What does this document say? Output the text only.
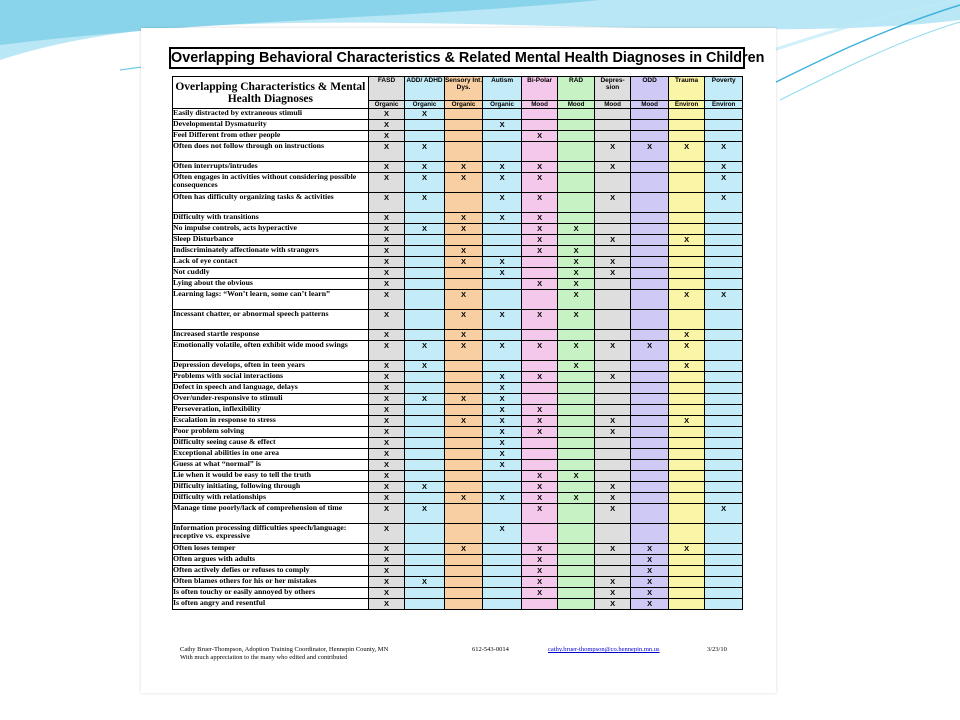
Overlapping Behavioral Characteristics & Related Mental Health Diagnoses in Children
Overlapping Characteristics & Mental Health Diagnoses	FASD	ADD/ ADHD	Sensory Int. Dys.	Autism	Bi-Polar	RAD	Depres-sion	ODD	Trauma	Poverty
	Organic	Organic	Organic	Organic	Mood	Mood	Mood	Mood	Environ	Environ
Easily distracted by extraneous stimuli	X	X								
Developmental Dysmaturity	X			X						
Feel Different from other people	X				X					
Often does not follow through on instructions	X	X					X	X	X	X
Often interrupts/intrudes	X	X	X	X	X		X			X
Often engages in activities without considering possible consequences	X	X	X	X	X					X
Often has difficulty organizing tasks & activities	X	X		X	X		X			X
Difficulty with transitions	X		X	X	X					
No impulse controls, acts hyperactive	X	X	X		X	X				
Sleep Disturbance	X				X		X		X	
Indiscriminately affectionate with strangers	X		X		X	X				
Lack of eye contact	X		X	X		X	X			
Not cuddly	X			X		X	X			
Lying about the obvious	X				X	X				
Learning lags: “Won’t learn, some can’t learn”	X		X			X			X	X
Incessant chatter, or abnormal speech patterns	X		X	X	X	X				
Increased startle response	X		X						X	
Emotionally volatile, often exhibit wide mood swings	X	X	X	X	X	X	X	X	X	
Depression develops, often in teen years	X	X				X			X	
Problems with social interactions	X			X	X		X			
Defect in speech and language, delays	X			X						
Over/under-responsive to stimuli	X	X	X	X						
Perseveration, inflexibility	X			X	X					
Escalation in response to stress	X		X	X	X		X		X	
Poor problem solving	X			X	X		X			
Difficulty seeing cause & effect	X			X						
Exceptional abilities in one area	X			X						
Guess at what “normal” is	X			X						
Lie when it would be easy to tell the truth	X				X	X				
Difficulty initiating, following through	X	X			X		X			
Difficulty with relationships	X		X	X	X	X	X			
Manage time poorly/lack of comprehension of time	X	X			X		X			X
Information processing difficulties speech/language: receptive vs. expressive	X			X						
Often loses temper	X		X		X		X	X	X	
Often argues with adults	X				X			X		
Often actively defies or refuses to comply	X				X			X		
Often blames others for his or her mistakes	X	X			X		X	X		
Is often touchy or easily annoyed by others	X				X		X	X		
Is often angry and resentful	X						X	X		
Cathy Bruer-Thompson, Adoption Training Coordinator, Hennepin County, MN
With much appreciation to the many who edited and contributed
612-543-0014	cathy.bruer-thompson@co.hennepin.mn.us	3/23/10
